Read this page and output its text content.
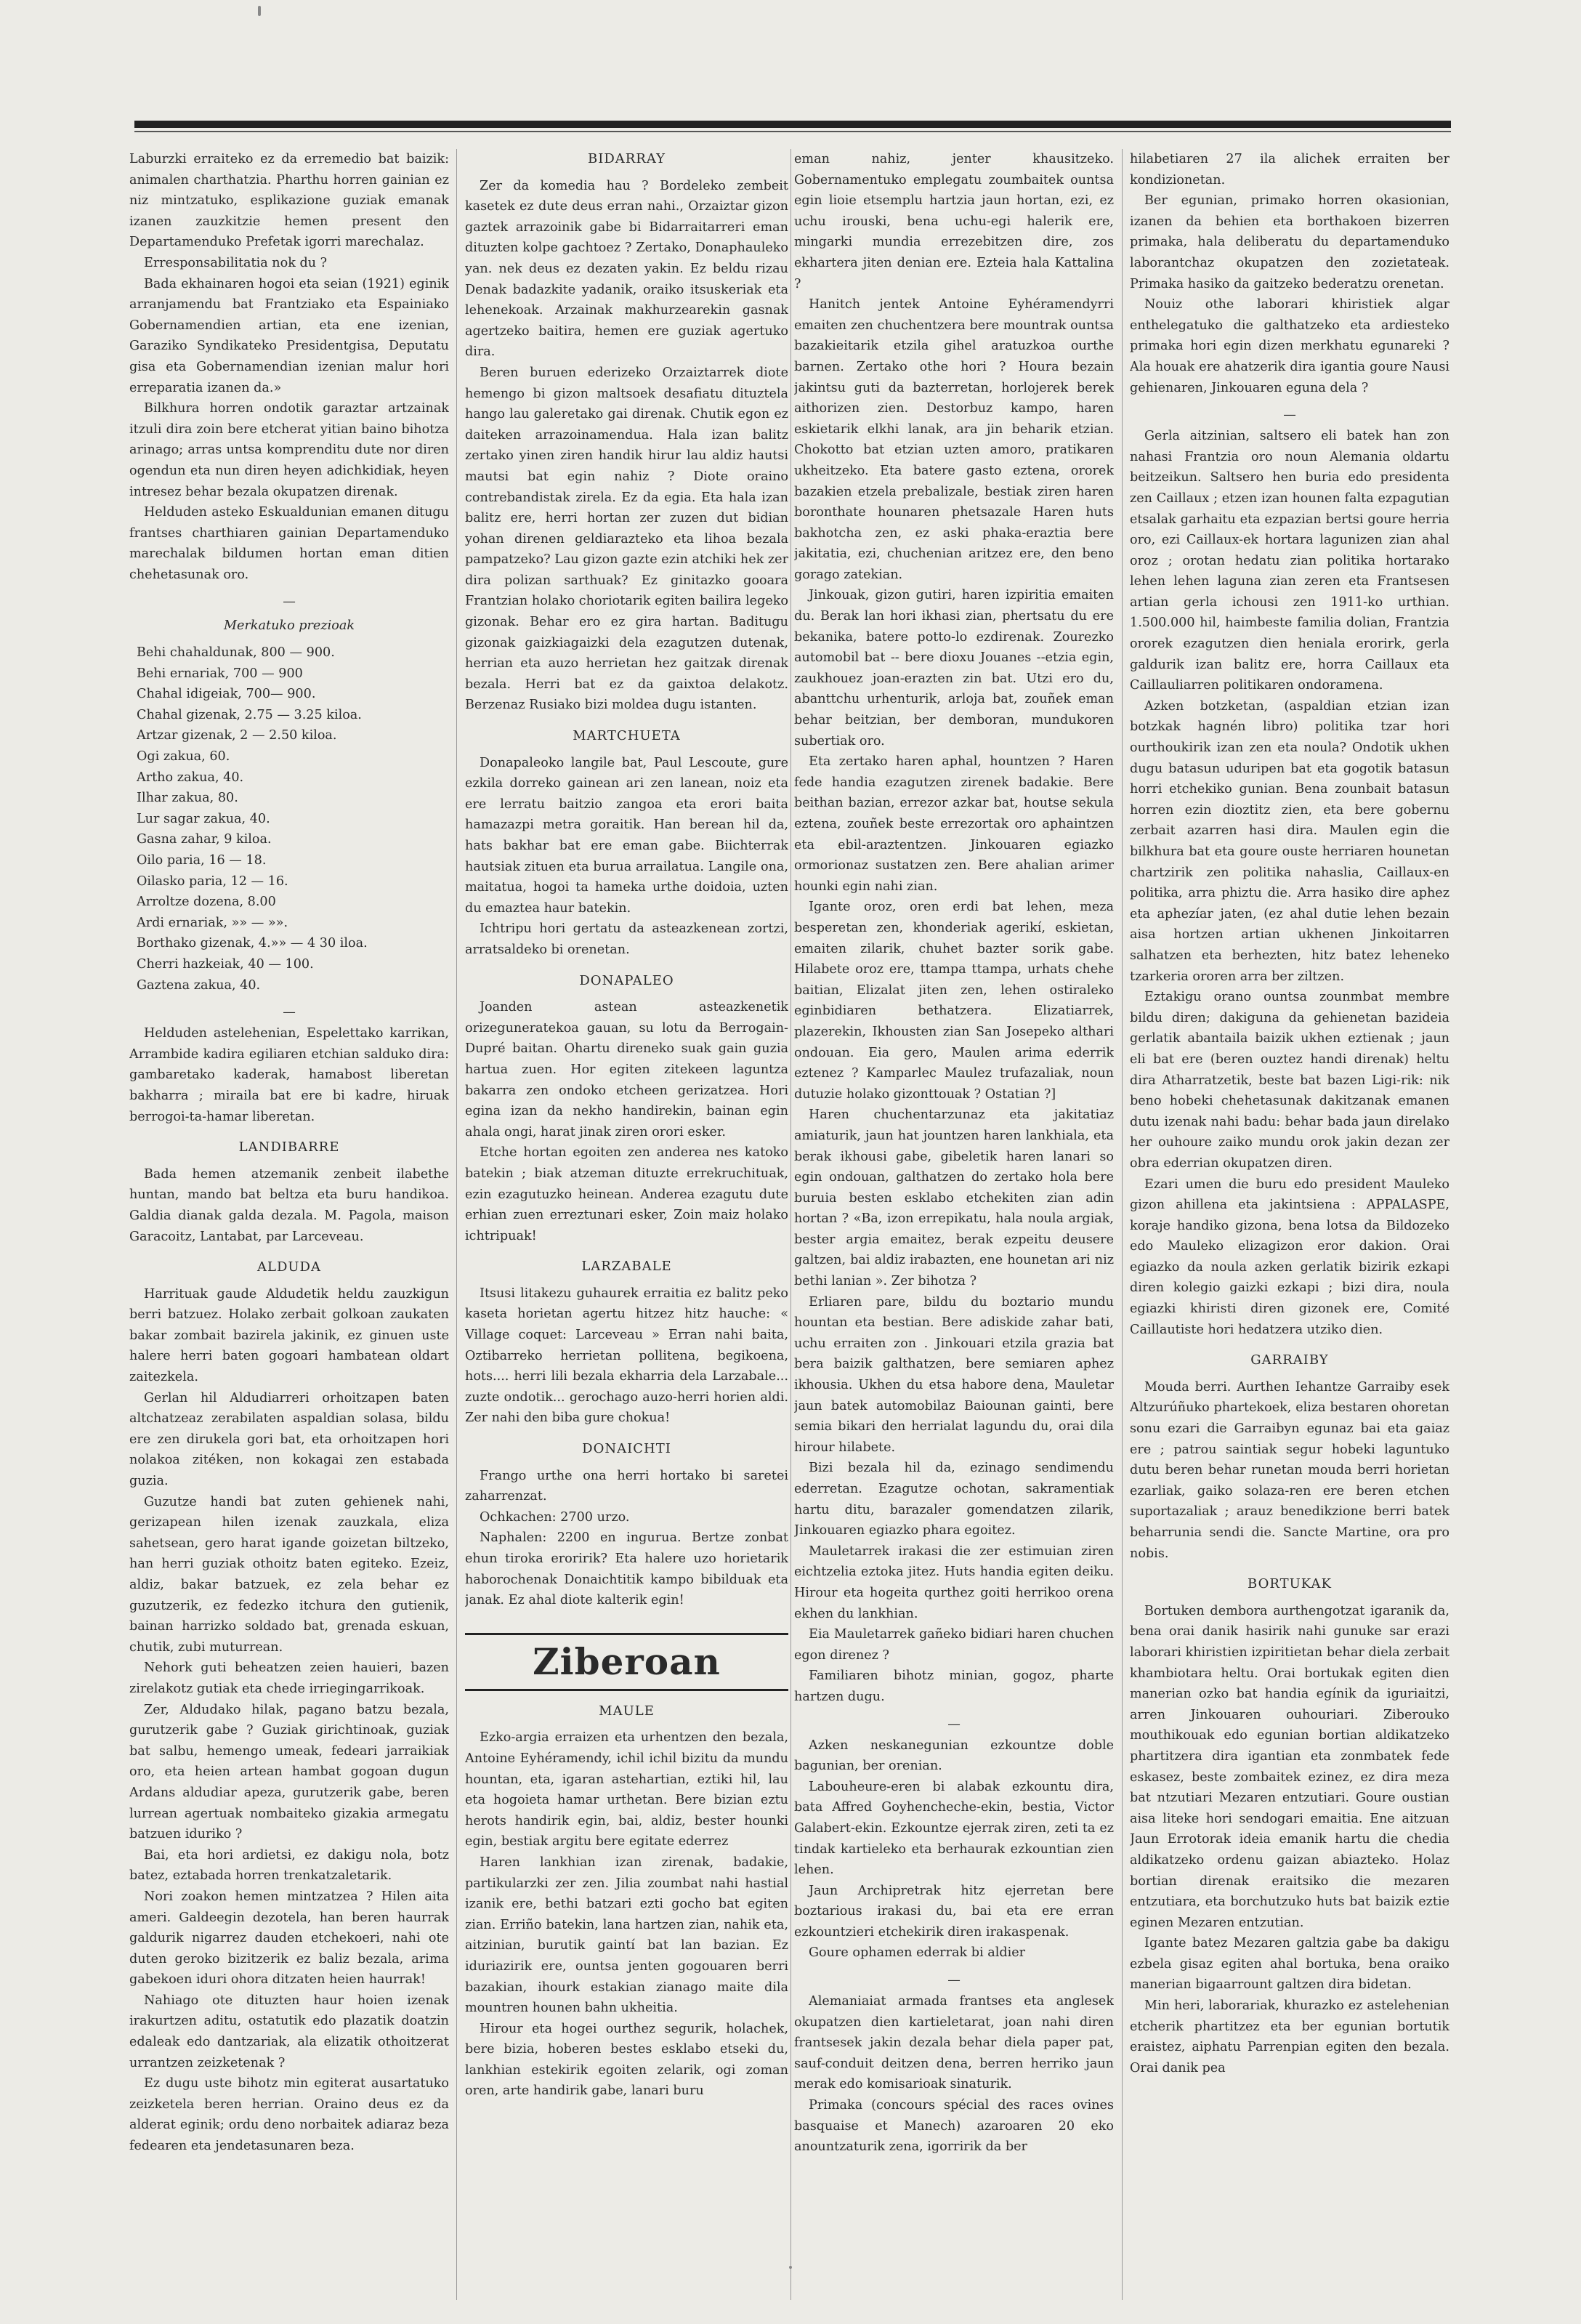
Laburzki erraiteko ez da erremedio bat baizik: animalen charthatzia. Pharthu horren gainian ez niz mintzatuko, esplikazione guziak emanak izanen zauzkitzie hemen present den Departamenduko Prefetak igorri marechalaz.

Erresponsabilitatia nok du ?

Bada ekhainaren hogoi eta seian (1921) eginik arranjamendu bat Frantziako eta Espainiako Gobernamendien artian, eta ene izenian, Garaziko Syndikateko Presidentgisa, Deputatu gisa eta Gobernamendian izenian malur hori erreparatia izanen da.»

Bilkhura horren ondotik garaztar artzainak itzuli dira zoin bere etcherat yitian baino bihotza arinago; arras untsa komprenditu dute nor diren ogendun eta nun diren heyen adichkidiak, heyen intresez behar bezala okupatzen direnak.

Helduden asteko Eskualdunian emanen ditugu frantses charthiaren gainian Departamenduko marechalak bildumen hortan eman ditien chehetasunak oro.

—
Merkatuko prezioak

Behi chahaldunak, 800 — 900.

Behi ernariak, 700 — 900

Chahal idigeiak, 700— 900.

Chahal gizenak, 2.75 — 3.25 kiloa.

Artzar gizenak, 2 — 2.50 kiloa.

Ogi zakua, 60.

Artho zakua, 40.

Ilhar zakua, 80.

Lur sagar zakua, 40.

Gasna zahar, 9 kiloa.

Oilo paria, 16 — 18.

Oilasko paria, 12 — 16.

Arroltze dozena, 8.00

Ardi ernariak, »» — »».

Borthako gizenak, 4.»» — 4 30 iloa.

Cherri hazkeiak, 40 — 100.

Gaztena zakua, 40.

—

Helduden astelehenian, Espelettako karrikan, Arrambide kadira egiliaren etchian salduko dira: gambaretako kaderak, hamabost liberetan bakharra ; miraila bat ere bi kadre, hiruak berrogoi-ta-hamar liberetan.

LANDIBARRE

Bada hemen atzemanik zenbeit ilabethe huntan, mando bat beltza eta buru handikoa. Galdia dianak galda dezala. M. Pagola, maison Garacoitz, Lantabat, par Larceveau.

ALDUDA

Harrituak gaude Aldudetik heldu zauzkigun berri batzuez. Holako zerbait golkoan zaukaten bakar zombait bazirela jakinik, ez ginuen uste halere herri baten gogoari hambatean oldart zaitezkela.

Gerlan hil Aldudiarreri orhoitzapen baten altchatzeaz zerabilaten aspaldian solasa, bildu ere zen dirukela gori bat, eta orhoitzapen hori nolakoa zitéken, non kokagai zen estabada guzia.

Guzutze handi bat zuten gehienek nahi, gerizapean hilen izenak zauzkala, eliza sahetsean, gero harat igande goizetan biltzeko, han herri guziak othoitz baten egiteko. Ezeiz, aldiz, bakar batzuek, ez zela behar ez guzutzerik, ez fedezko itchura den gutienik, bainan harrizko soldado bat, grenada eskuan, chutik, zubi muturrean.

Nehork guti beheatzen zeien hauieri, bazen zirelakotz gutiak eta chede irriegingarrikoak.

Zer, Aldudako hilak, pagano batzu bezala, gurutzerik gabe ? Guziak girichtinoak, guziak bat salbu, hemengo umeak, fedeari jarraikiak oro, eta heien artean hambat gogoan dugun Ardans aldudiar apeza, gurutzerik gabe, beren lurrean agertuak nombaiteko gizakia armegatu batzuen iduriko ?

Bai, eta hori ardietsi, ez dakigu nola, botz batez, eztabada horren trenkatzaletarik.

Nori zoakon hemen mintzatzea ? Hilen aita ameri. Galdeegin dezotela, han beren haurrak galdurik nigarrez dauden etchekoeri, nahi ote duten geroko bizitzerik ez baliz bezala, arima gabekoen iduri ohora ditzaten heien haurrak!

Nahiago ote dituzten haur hoien izenak irakurtzen aditu, ostatutik edo plazatik doatzin edaleak edo dantzariak, ala elizatik othoitzerat urrantzen zeizketenak ?

Ez dugu uste bihotz min egiterat ausartatuko zeizketela beren herrian. Oraino deus ez da alderat eginik; ordu deno norbaitek adiaraz beza fedearen eta jendetasunaren beza.

BIDARRAY

Zer da komedia hau ? Bordeleko zembeit kasetek ez dute deus erran nahi., Orzaiztar gizon gaztek arrazoinik gabe bi Bidarraitarreri eman dituzten kolpe gachtoez ? Zertako, Donaphauleko yan. nek deus ez dezaten yakin. Ez beldu rizau Denak badazkite yadanik, oraiko itsuskeriak eta lehenekoak. Arzainak makhurzearekin gasnak agertzeko baitira, hemen ere guziak agertuko dira.

Beren buruen ederizeko Orzaiztarrek diote hemengo bi gizon maltsoek desafiatu dituztela hango lau galeretako gai direnak. Chutik egon ez daiteken arrazoinamendua. Hala izan balitz zertako yinen ziren handik hirur lau aldiz hautsi mautsi bat egin nahiz ? Diote oraino contrebandistak zirela. Ez da egia. Eta hala izan balitz ere, herri hortan zer zuzen dut bidian yohan direnen geldiarazteko eta lihoa bezala pampatzeko? Lau gizon gazte ezin atchiki hek zer dira polizan sarthuak? Ez ginitazko gooara Frantzian holako choriotarik egiten bailira legeko gizonak. Behar ero ez gira hartan. Baditugu gizonak gaizkiagaizki dela ezagutzen dutenak, herrian eta auzo herrietan hez gaitzak direnak bezala. Herri bat ez da gaixtoa delakotz. Berzenaz Rusiako bizi moldea dugu istanten.

MARTCHUETA

Donapaleoko langile bat, Paul Lescoute, gure ezkila dorreko gainean ari zen lanean, noiz eta ere lerratu baitzio zangoa eta erori baita hamazazpi metra goraitik. Han berean hil da, hats bakhar bat ere eman gabe. Biichterrak hautsiak zituen eta burua arrailatua. Langile ona, maitatua, hogoi ta hameka urthe doidoia, uzten du emaztea haur batekin.

Ichtripu hori gertatu da asteazkenean zortzi, arratsaldeko bi orenetan.

DONAPALEO

Joanden astean asteazkenetik orizeguneratekoa gauan, su lotu da Berrogain-Dupré baitan. Ohartu direneko suak gain guzia hartua zuen. Hor egiten zitekeen laguntza bakarra zen ondoko etcheen gerizatzea. Hori egina izan da nekho handirekin, bainan egin ahala ongi, harat jinak ziren orori esker.

Etche hortan egoiten zen anderea nes katoko batekin ; biak atzeman dituzte errekruchituak, ezin ezagutuzko heinean. Anderea ezagutu dute erhian zuen erreztunari esker, Zoin maiz holako ichtripuak!

LARZABALE

Itsusi litakezu guhaurek erraitia ez balitz peko kaseta horietan agertu hitzez hitz hauche: « Village coquet: Larceveau » Erran nahi baita, Oztibarreko herrietan pollitena, begikoena, hots.... herri lili bezala ekharria dela Larzabale... zuzte ondotik... gerochago auzo-herri horien aldi. Zer nahi den biba gure chokua!

DONAICHTI

Frango urthe ona herri hortako bi saretei zaharrenzat.

Ochkachen: 2700 urzo.

Naphalen: 2200 en ingurua. Bertze zonbat ehun tiroka eroririk? Eta halere uzo horietarik haborochenak Donaichtitik kampo bibilduak eta janak. Ez ahal diote kalterik egin!

Ziberoan
MAULE

Ezko-argia erraizen eta urhentzen den bezala, Antoine Eyhéramendy, ichil ichil bizitu da mundu hountan, eta, igaran astehartian, eztiki hil, lau eta hogoieta hamar urthetan. Bere bizian eztu herots handirik egin, bai, aldiz, bester hounki egin, bestiak argitu bere egitate ederrez

Haren lankhian izan zirenak, badakie, partikularzki zer zen. Jilia zoumbat nahi hastial izanik ere, bethi batzari ezti gocho bat egiten zian. Erriño batekin, lana hartzen zian, nahik eta, aitzinian, burutik gaintí bat lan bazian. Ez iduriazirik ere, ountsa jenten gogouaren berri bazakian, ihourk estakian zianago maite dila mountren hounen bahn ukheitia.

Hirour eta hogei ourthez segurik, holachek, bere bizia, hoberen bestes esklabo etseki du, lankhian estekirik egoiten zelarik, ogi zoman oren, arte handirik gabe, lanari buru

eman nahiz, jenter khausitzeko. Gobernamentuko emplegatu zoumbaitek ountsa egin lioie etsemplu hartzia jaun hortan, ezi, ez uchu irouski, bena uchu-egi halerik ere, mingarki mundia errezebitzen dire, zos ekhartera jiten denian ere. Ezteia hala Kattalina ?

Hanitch jentek Antoine Eyhéramendyrri emaiten zen chuchentzera bere mountrak ountsa bazakieitarik etzila gihel aratuzkoa ourthe barnen. Zertako othe hori ? Houra bezain jakintsu guti da bazterretan, horlojerek berek aithorizen zien. Destorbuz kampo, haren eskietarik elkhi lanak, ara jin beharik etzian. Chokotto bat etzian uzten amoro, pratikaren ukheitzeko. Eta batere gasto eztena, ororek bazakien etzela prebalizale, bestiak ziren haren boronthate hounaren phetsazale Haren huts bakhotcha zen, ez aski phaka-eraztia bere jakitatia, ezi, chuchenian aritzez ere, den beno gorago zatekian.

Jinkouak, gizon gutiri, haren izpiritia emaiten du. Berak lan hori ikhasi zian, phertsatu du ere bekanika, batere potto-lo ezdirenak. Zourezko automobil bat -- bere dioxu Jouanes --etzia egin, zaukhouez joan-erazten zin bat. Utzi ero du, abanttchu urhenturik, arloja bat, zouñek eman behar beitzian, ber demboran, mundukoren subertiak oro.

Eta zertako haren aphal, hountzen ? Haren fede handia ezagutzen zirenek badakie. Bere beithan bazian, errezor azkar bat, houtse sekula eztena, zouñek beste errezortak oro aphaintzen eta ebil-araztentzen. Jinkouaren egiazko ormorionaz sustatzen zen. Bere ahalian arimer hounki egin nahi zian.

Igante oroz, oren erdi bat lehen, meza besperetan zen, khonderiak agerikí, eskietan, emaiten zilarik, chuhet bazter sorik gabe. Hilabete oroz ere, ttampa ttampa, urhats chehe baitian, Elizalat jiten zen, lehen ostiraleko eginbidiaren bethatzera. Elizatiarrek, plazerekin, Ikhousten zian San Josepeko althari ondouan. Eia gero, Maulen arima ederrik eztenez ? Kamparlec Maulez trufazaliak, noun dutuzie holako gizonttouak ? Ostatian ?]

Haren chuchentarzunaz eta jakitatiaz amiaturik, jaun hat jountzen haren lankhiala, eta berak ikhousi gabe, gibeletik haren lanari so egin ondouan, galthatzen do zertako hola bere buruia besten esklabo etchekiten zian adin hortan ? «Ba, izon errepikatu, hala noula argiak, bester argia emaitez, berak ezpeitu deusere galtzen, bai aldiz irabazten, ene hounetan ari niz bethi lanian ». Zer bihotza ?

Erliaren pare, bildu du boztario mundu hountan eta bestian. Bere adiskide zahar bati, uchu erraiten zon . Jinkouari etzila grazia bat bera baizik galthatzen, bere semiaren aphez ikhousia. Ukhen du etsa habore dena, Mauletar jaun batek automobilaz Baiounan gainti, bere semia bikari den herrialat lagundu du, orai dila hirour hilabete.

Bizi bezala hil da, ezinago sendimendu ederretan. Ezagutze ochotan, sakramentiak hartu ditu, barazaler gomendatzen zilarik, Jinkouaren egiazko phara egoitez.

Mauletarrek irakasi die zer estimuian ziren eichtzelia eztoka jitez. Huts handia egiten deiku. Hirour eta hogeita qurthez goiti herrikoo orena ekhen du lankhian.

Eia Mauletarrek gañeko bidiari haren chuchen egon direnez ?

Familiaren bihotz minian, gogoz, pharte hartzen dugu.

—

Azken neskanegunian ezkountze doble bagunian, ber orenian.

Labouheure-eren bi alabak ezkountu dira, bata Affred Goyhencheche-ekin, bestia, Victor Galabert-ekin. Ezkountze ejerrak ziren, zeti ta ez tindak kartieleko eta berhaurak ezkountian zien lehen.

Jaun Archipretrak hitz ejerretan bere boztarious irakasi du, bai eta ere erran ezkountzieri etchekirik diren irakaspenak.

Goure ophamen ederrak bi aldier

—

Alemaniaiat armada frantses eta anglesek okupatzen dien kartieletarat, joan nahi diren frantsesek jakin dezala behar diela paper pat, sauf-conduit deitzen dena, berren herriko jaun merak edo komisarioak sinaturik.

Primaka (concours spécial des races ovines basquaise et Manech) azaroaren 20 eko anountzaturik zena, igorririk da ber

hilabetiaren 27 ila alichek erraiten ber kondizionetan.

Ber egunian, primako horren okasionian, izanen da behien eta borthakoen bizerren primaka, hala deliberatu du departamenduko laborantchaz okupatzen den zozietateak. Primaka hasiko da gaitzeko bederatzu orenetan.

Nouiz othe laborari khiristiek algar enthelegatuko die galthatzeko eta ardiesteko primaka hori egin dizen merkhatu egunareki ? Ala houak ere ahatzerik dira igantia goure Nausi gehienaren, Jinkouaren eguna dela ?

—

Gerla aitzinian, saltsero eli batek han zon nahasi Frantzia oro noun Alemania oldartu beitzeikun. Saltsero hen buria edo presidenta zen Caillaux ; etzen izan hounen falta ezpagutian etsalak garhaitu eta ezpazian bertsi goure herria oro, ezi Caillaux-ek hortara lagunizen zian ahal oroz ; orotan hedatu zian politika hortarako lehen lehen laguna zian zeren eta Frantsesen artian gerla ichousi zen 1911-ko urthian. 1.500.000 hil, haimbeste familia dolian, Frantzia ororek ezagutzen dien heniala erorirk, gerla galdurik izan balitz ere, horra Caillaux eta Caillauliarren politikaren ondoramena.

Azken botzketan, (aspaldian etzian izan botzkak hagnén libro) politika tzar hori ourthoukirik izan zen eta noula? Ondotik ukhen dugu batasun uduripen bat eta gogotik batasun horri etchekiko gunian. Bena zounbait batasun horren ezin dioztitz zien, eta bere gobernu zerbait azarren hasi dira. Maulen egin die bilkhura bat eta goure ouste herriaren hounetan chartzirik zen politika nahaslia, Caillaux-en politika, arra phiztu die. Arra hasiko dire aphez eta aphezíar jaten, (ez ahal dutie lehen bezain aisa hortzen artian ukhenen Jinkoitarren salhatzen eta berhezten, hitz batez leheneko tzarkeria ororen arra ber ziltzen.

Eztakigu orano ountsa zounmbat membre bildu diren; dakiguna da gehienetan bazideia gerlatik abantaila baizik ukhen eztienak ; jaun eli bat ere (beren ouztez handi direnak) heltu dira Atharratzetik, beste bat bazen Ligi-rik: nik beno hobeki chehetasunak dakitzanak emanen dutu izenak nahi badu: behar bada jaun direlako her ouhoure zaiko mundu orok jakin dezan zer obra ederrian okupatzen diren.

Ezari umen die buru edo president Mauleko gizon ahillena eta jakintsiena : APPALASPE, koraje handiko gizona, bena lotsa da Bildozeko edo Mauleko elizagizon eror dakion. Orai egiazko da noula azken gerlatik bizirik ezkapi diren kolegio gaizki ezkapi ; bizi dira, noula egiazki khiristi diren gizonek ere, Comité Caillautiste hori hedatzera utziko dien.

GARRAIBY

Mouda berri. Aurthen Iehantze Garraiby esek Altzurúñuko phartekoek, eliza bestaren ohoretan sonu ezari die Garraibyn egunaz bai eta gaiaz ere ; patrou saintiak segur hobeki laguntuko dutu beren behar runetan mouda berri horietan ezarliak, gaiko solaza-ren ere beren etchen suportazaliak ; arauz benedikzione berri batek beharrunia sendi die. Sancte Martine, ora pro nobis.

BORTUKAK

Bortuken dembora aurthengotzat igaranik da, bena orai danik hasirik nahi gunuke sar erazi laborari khiristien izpiritietan behar diela zerbait khambiotara heltu. Orai bortukak egiten dien manerian ozko bat handia egínik da iguriaitzi, arren Jinkouaren ouhouriari. Ziberouko mouthikouak edo egunian bortian aldikatzeko phartitzera dira igantian eta zonmbatek fede eskasez, beste zombaitek ezinez, ez dira meza bat ntzutiari Mezaren entzutiari. Goure oustian aisa liteke hori sendogari emaitia. Ene aitzuan Jaun Errotorak ideia emanik hartu die chedia aldikatzeko ordenu gaizan abiazteko. Holaz bortian direnak eraitsiko die mezaren entzutiara, eta borchutzuko huts bat baizik eztie eginen Mezaren entzutian.

Igante batez Mezaren galtzia gabe ba dakigu ezbela gisaz egiten ahal bortuka, bena oraiko manerian bigaarrount galtzen dira bidetan.

Min heri, laborariak, khurazko ez astelehenian etcherik phartitzez eta ber egunian bortutik eraistez, aiphatu Parrenpian egiten den bezala. Orai danik pea
